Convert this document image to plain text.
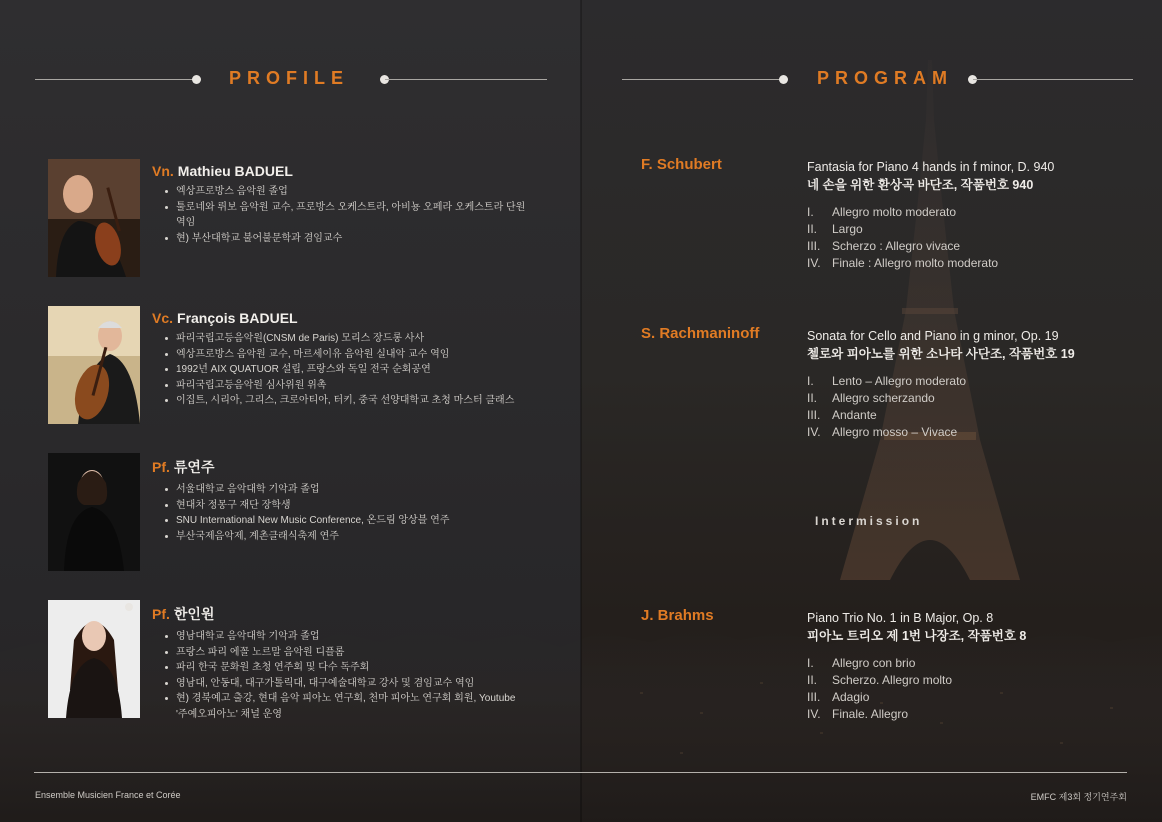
PROFILE	PROGRAM
Vn. Mathieu BADUEL
엑상프로방스 음악원 졸업
툴로네와 뤼보 음악원 교수, 프로방스 오케스트라, 아비뇽 오페라 오케스트라 단원 역임
현) 부산대학교 불어불문학과 겸임교수
Vc. François BADUEL
파리국립고등음악원(CNSM de Paris) 모리스 장드롱 사사
엑상프로방스 음악원 교수, 마르세이유 음악원 실내악 교수 역임
1992년 AIX QUATUOR 설립, 프랑스와 독일 전국 순회공연
파리국립고등음악원 심사위원 위촉
이집트, 시리아, 그리스, 크로아티아, 터키, 중국 선양대학교 초청 마스터 클래스
Pf. 류연주
서울대학교 음악대학 기악과 졸업
현대차 정몽구 재단 장학생
SNU International New Music Conference, 온드림 앙상블 연주
부산국제음악제, 계촌클래식축제 연주
Pf. 한인원
영남대학교 음악대학 기악과 졸업
프랑스 파리 에꼴 노르말 음악원 디플롬
파리 한국 문화원 초청 연주회 및 다수 독주회
영남대, 안동대, 대구가톨릭대, 대구예술대학교 강사 및 겸임교수 역임
현) 경북예고 출강, 현대 음악 피아노 연구회, 천마 피아노 연구회 회원, Youtube '주예오피아노' 채널 운영
F. Schubert	Fantasia for Piano 4 hands in f minor, D. 940
네 손을 위한 환상곡 바단조, 작품번호 940
I. Allegro molto moderato
II. Largo
III. Scherzo : Allegro vivace
IV. Finale : Allegro molto moderato
S. Rachmaninoff	Sonata for Cello and Piano in g minor, Op. 19
첼로와 피아노를 위한 소나타 사단조, 작품번호 19
I. Lento – Allegro moderato
II. Allegro scherzando
III. Andante
IV. Allegro mosso – Vivace
Intermission
J. Brahms	Piano Trio No. 1 in B Major, Op. 8
피아노 트리오 제 1번 나장조, 작품번호 8
I. Allegro con brio
II. Scherzo. Allegro molto
III. Adagio
IV. Finale. Allegro
Ensemble Musicien France et Corée	EMFC 제3회 정기연주회
